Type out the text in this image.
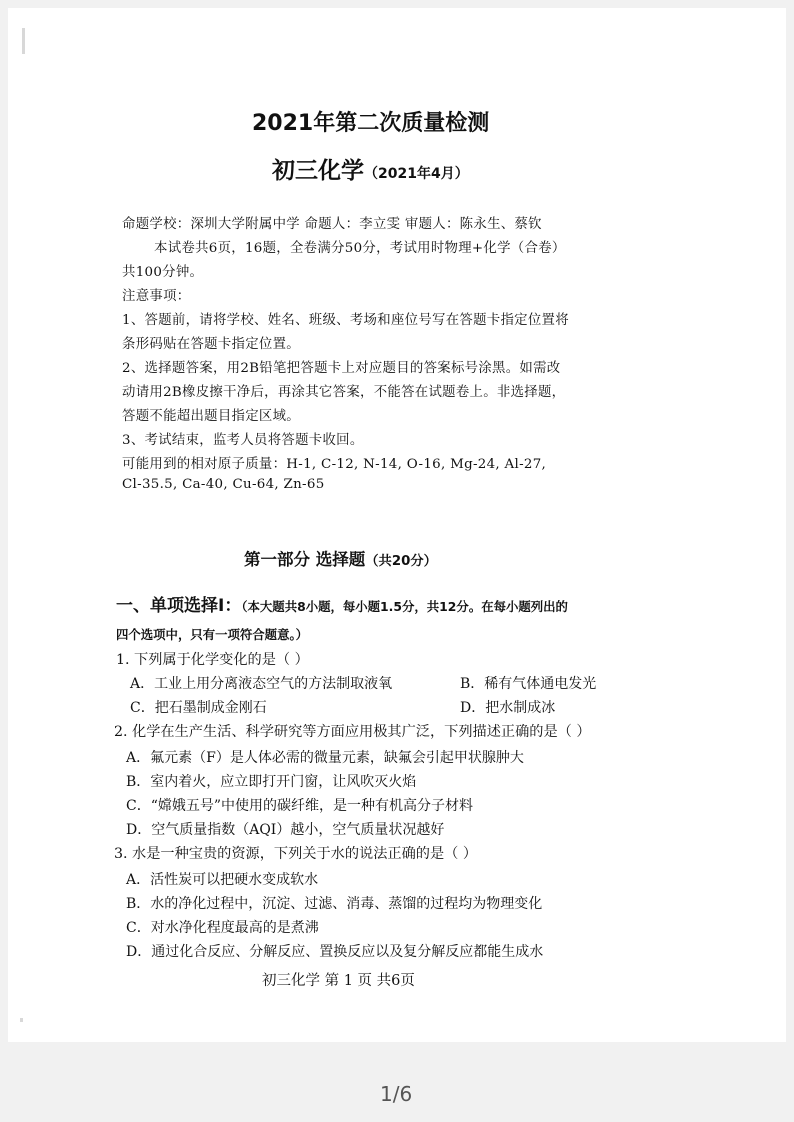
2021年第二次质量检测
初三化学（2021年4月）
命题学校：深圳大学附属中学 命题人：李立雯 审题人：陈永生、蔡钦
本试卷共6页，16题，全卷满分50分，考试用时物理+化学（合卷）
共100分钟。
注意事项：
1、答题前，请将学校、姓名、班级、考场和座位号写在答题卡指定位置将
条形码贴在答题卡指定位置。
2、选择题答案，用2B铅笔把答题卡上对应题目的答案标号涂黑。如需改
动请用2B橡皮擦干净后，再涂其它答案，不能答在试题卷上。非选择题，
答题不能超出题目指定区域。
3、考试结束，监考人员将答题卡收回。
可能用到的相对原子质量：H-1, C-12, N-14, O-16, Mg-24, Al-27,
Cl-35.5, Ca-40, Cu-64, Zn-65
第一部分 选择题（共20分）
一、单项选择Ⅰ：（本大题共8小题，每小题1.5分，共12分。在每小题列出的
四个选项中，只有一项符合题意。）
1. 下列属于化学变化的是（ ）
A．工业上用分离液态空气的方法制取液氧	B．稀有气体通电发光
C．把石墨制成金刚石	D．把水制成冰
2. 化学在生产生活、科学研究等方面应用极其广泛，下列描述正确的是（ ）
A．氟元素（F）是人体必需的微量元素，缺氟会引起甲状腺肿大
B．室内着火，应立即打开门窗，让风吹灭火焰
C．“嫦娥五号”中使用的碳纤维，是一种有机高分子材料
D．空气质量指数（AQI）越小，空气质量状况越好
3. 水是一种宝贵的资源，下列关于水的说法正确的是（ ）
A．活性炭可以把硬水变成软水
B．水的净化过程中，沉淀、过滤、消毒、蒸馏的过程均为物理变化
C．对水净化程度最高的是煮沸
D．通过化合反应、分解反应、置换反应以及复分解反应都能生成水
初三化学 第 1 页 共6页
1/6
